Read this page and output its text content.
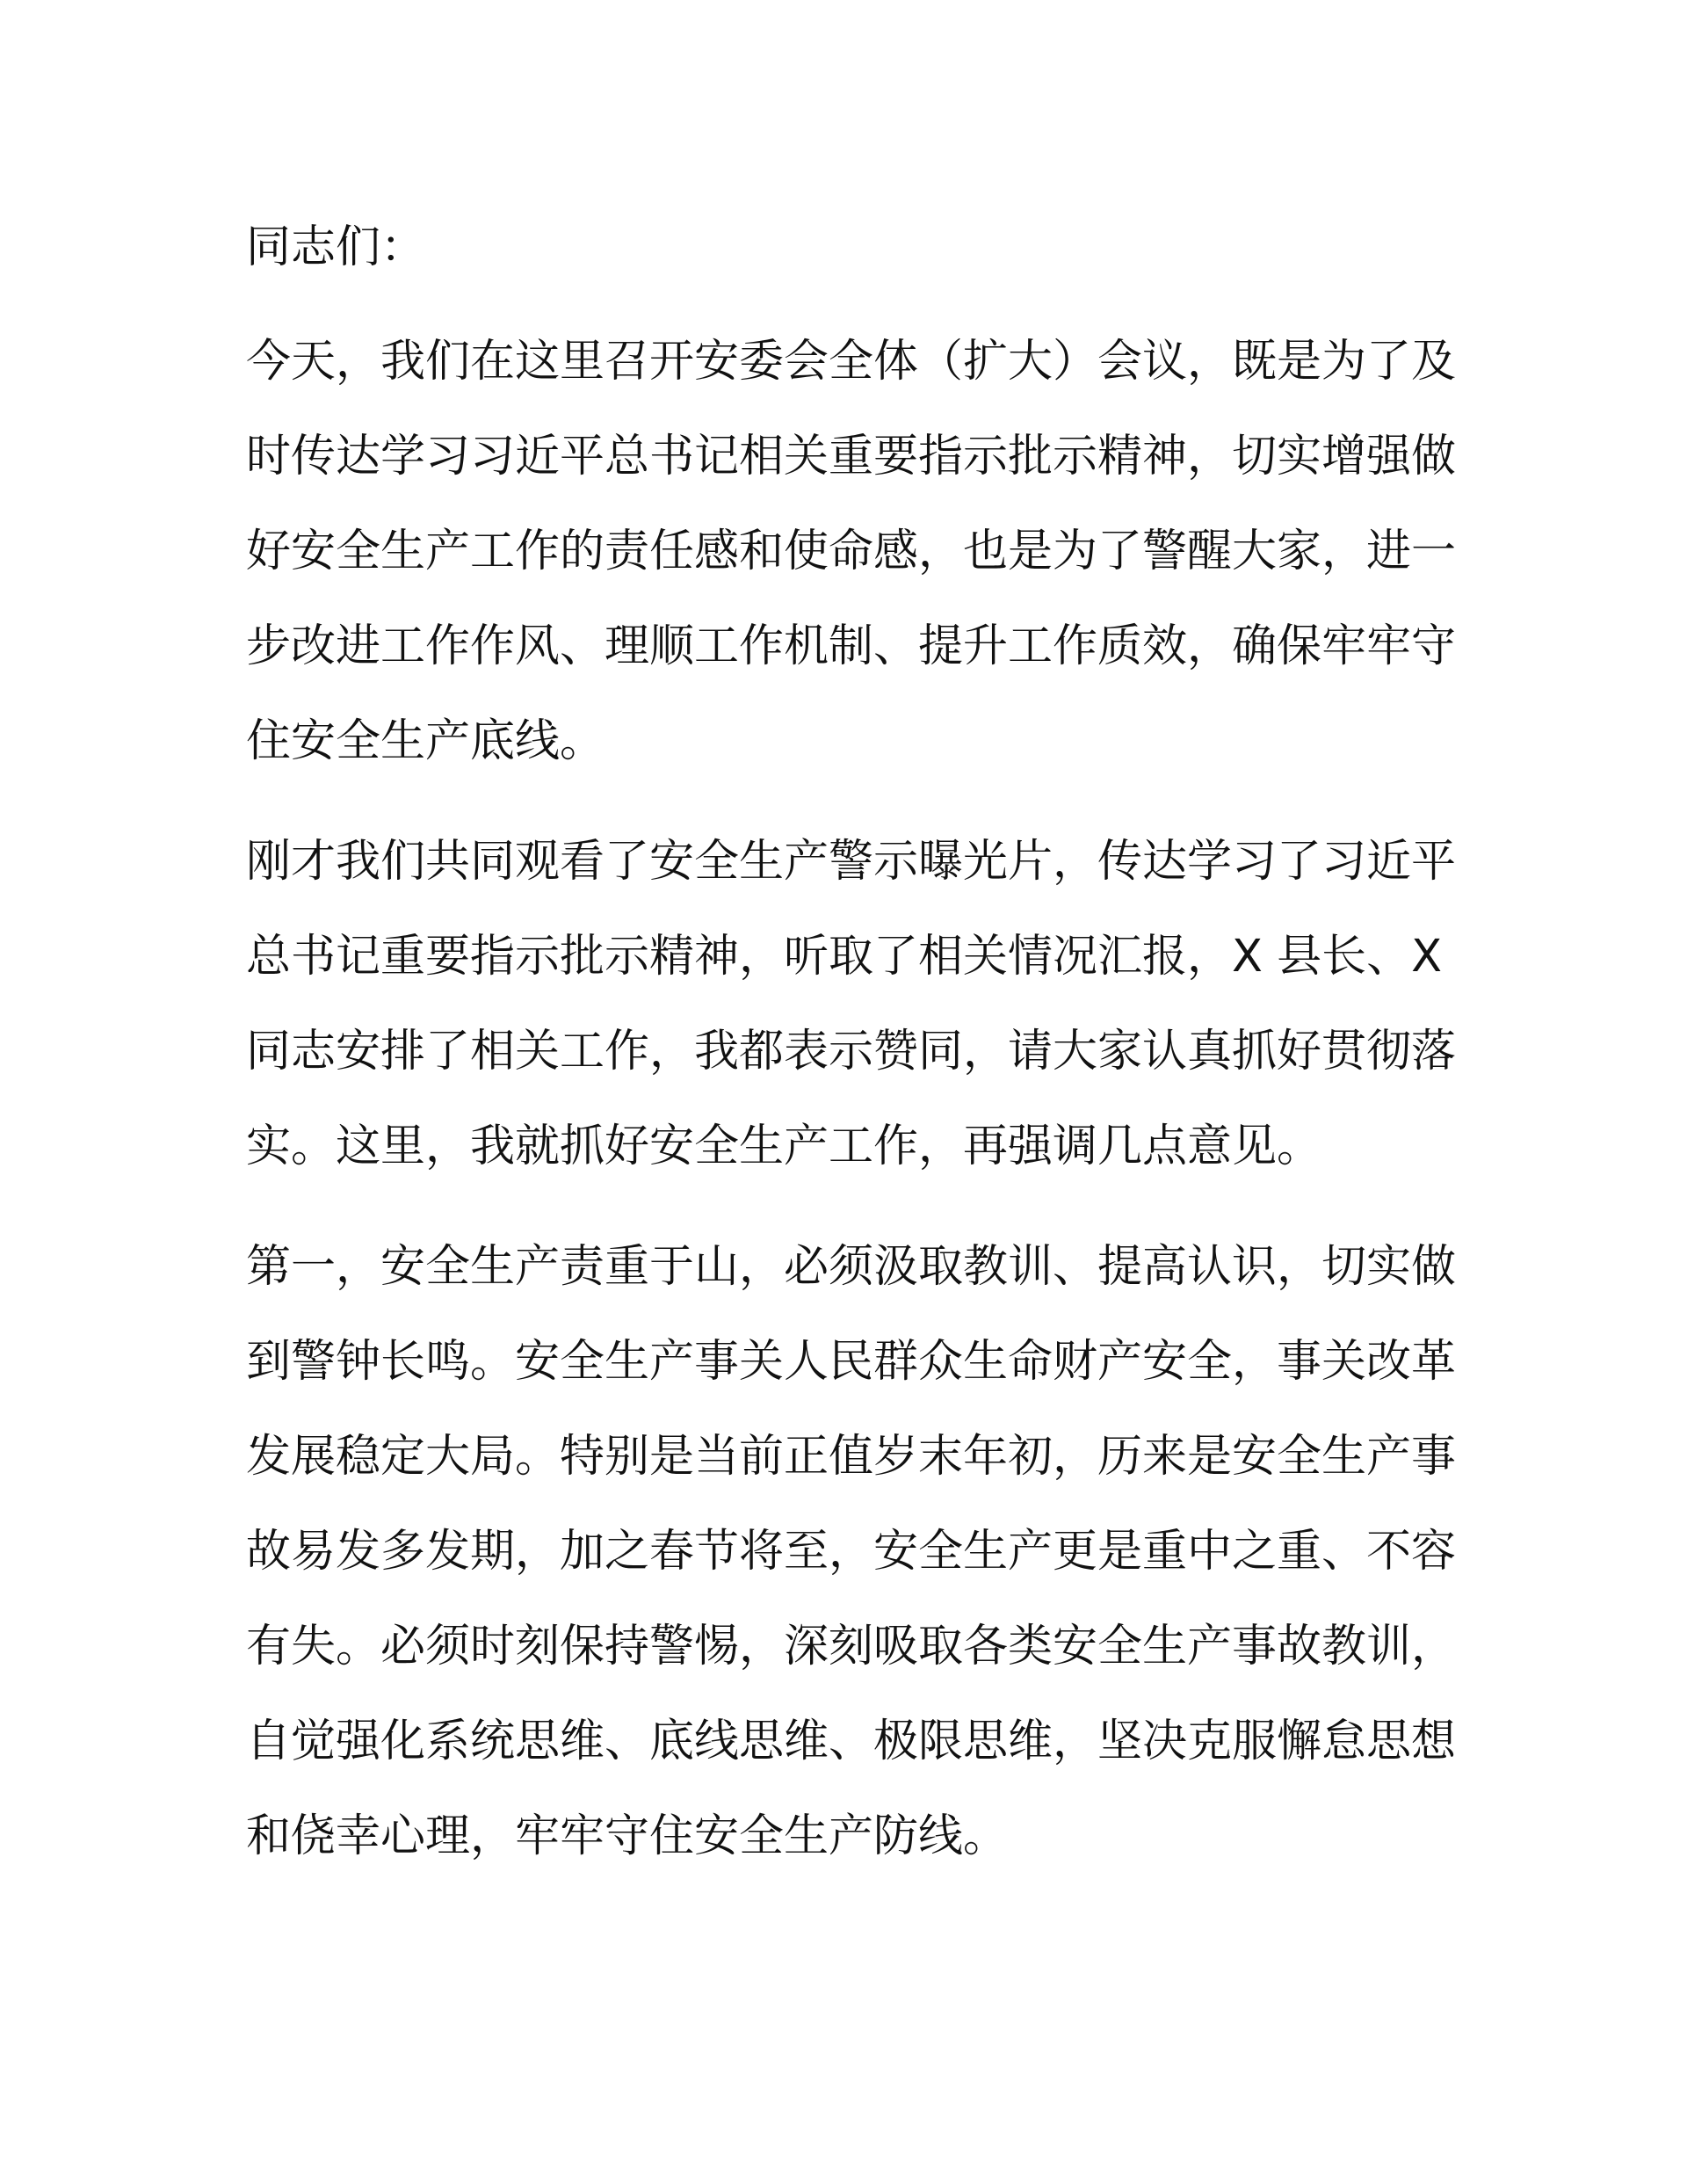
同志们：
今天，我们在这里召开安委会全体（扩大）会议，既是为了及
时传达学习习近平总书记相关重要指示批示精神，切实增强做
好安全生产工作的责任感和使命感，也是为了警醒大家，进一
步改进工作作风、理顺工作机制、提升工作质效，确保牢牢守
住安全生产底线。
刚才我们共同观看了安全生产警示曝光片，传达学习了习近平
总书记重要指示批示精神，听取了相关情况汇报，X 县长、X
同志安排了相关工作，我都表示赞同，请大家认真抓好贯彻落
实。这里，我就抓好安全生产工作，再强调几点意见。
第一，安全生产责重于山，必须汲取教训、提高认识，切实做
到警钟长鸣。安全生产事关人民群众生命财产安全，事关改革
发展稳定大局。特别是当前正值岁末年初，历来是安全生产事
故易发多发期，加之春节将至，安全生产更是重中之重、不容
有失。必须时刻保持警惕，深刻吸取各类安全生产事故教训，
自觉强化系统思维、底线思维、极限思维，坚决克服懈怠思想
和侥幸心理，牢牢守住安全生产防线。
